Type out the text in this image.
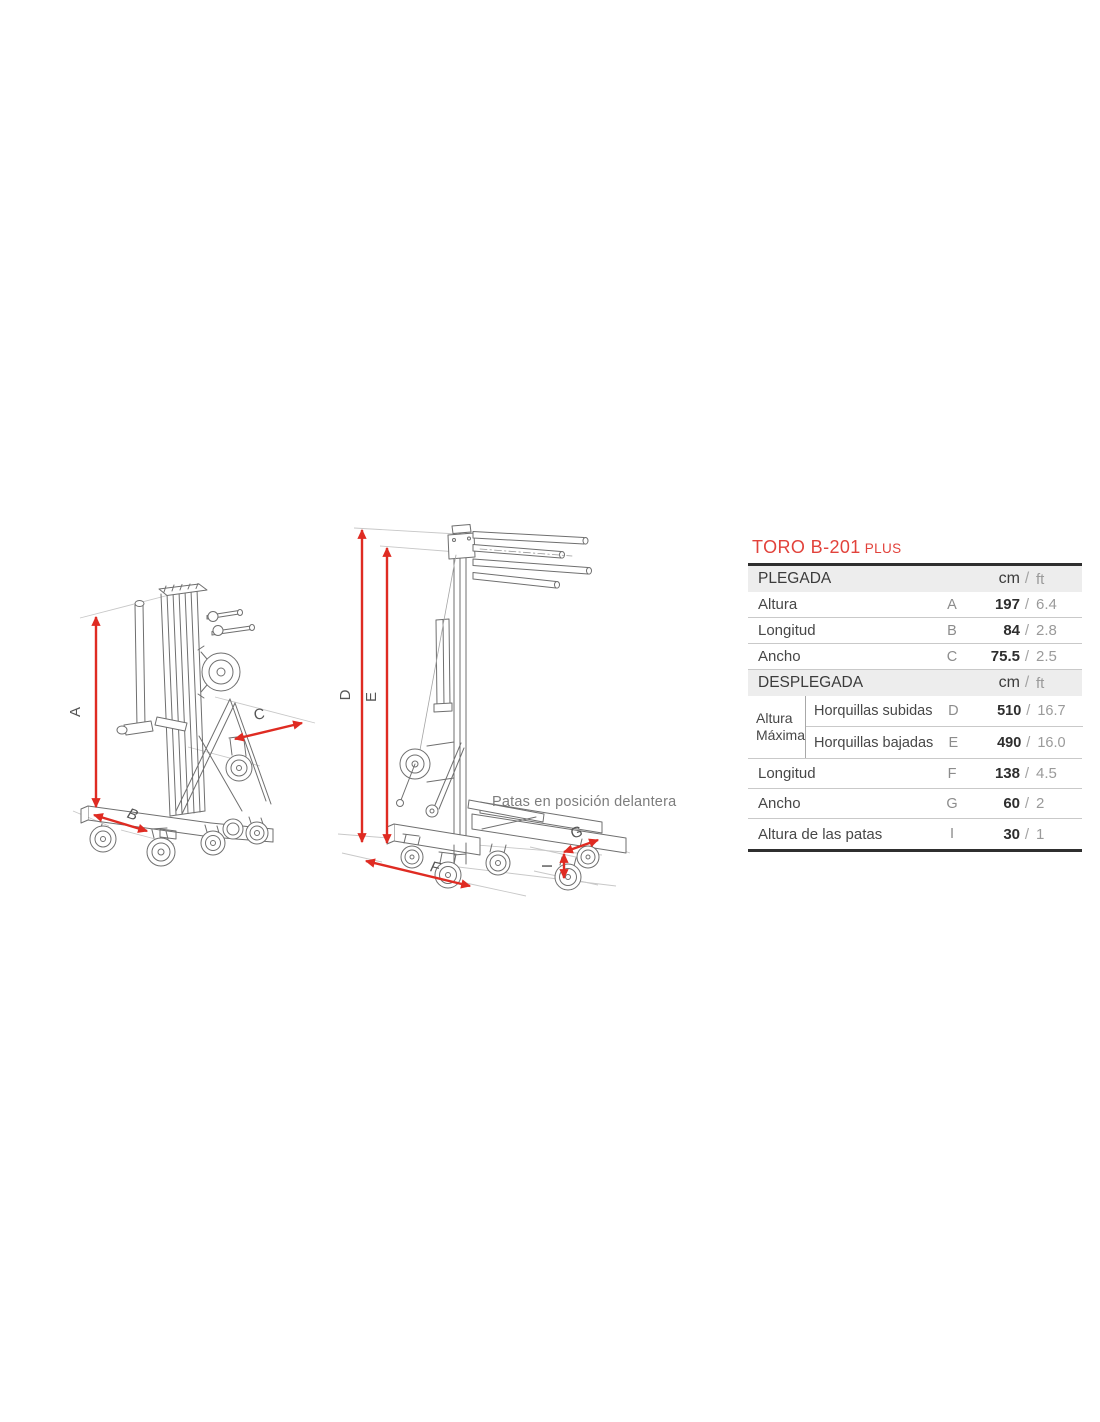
A
B
C
D E
F
G
I
Patas en posición delantera
TORO B-201 PLUS
PLEGADA	cm / ft
Altura	A	197 / 6.4
Longitud	B	84 / 2.8
Ancho	C	75.5 / 2.5
DESPLEGADA	cm / ft
Altura
Máxima
Horquillas subidas	D	510 / 16.7
Horquillas bajadas	E	490 / 16.0
Longitud	F	138 / 4.5
Ancho	G	60 / 2
Altura de las patas	I	30 / 1
